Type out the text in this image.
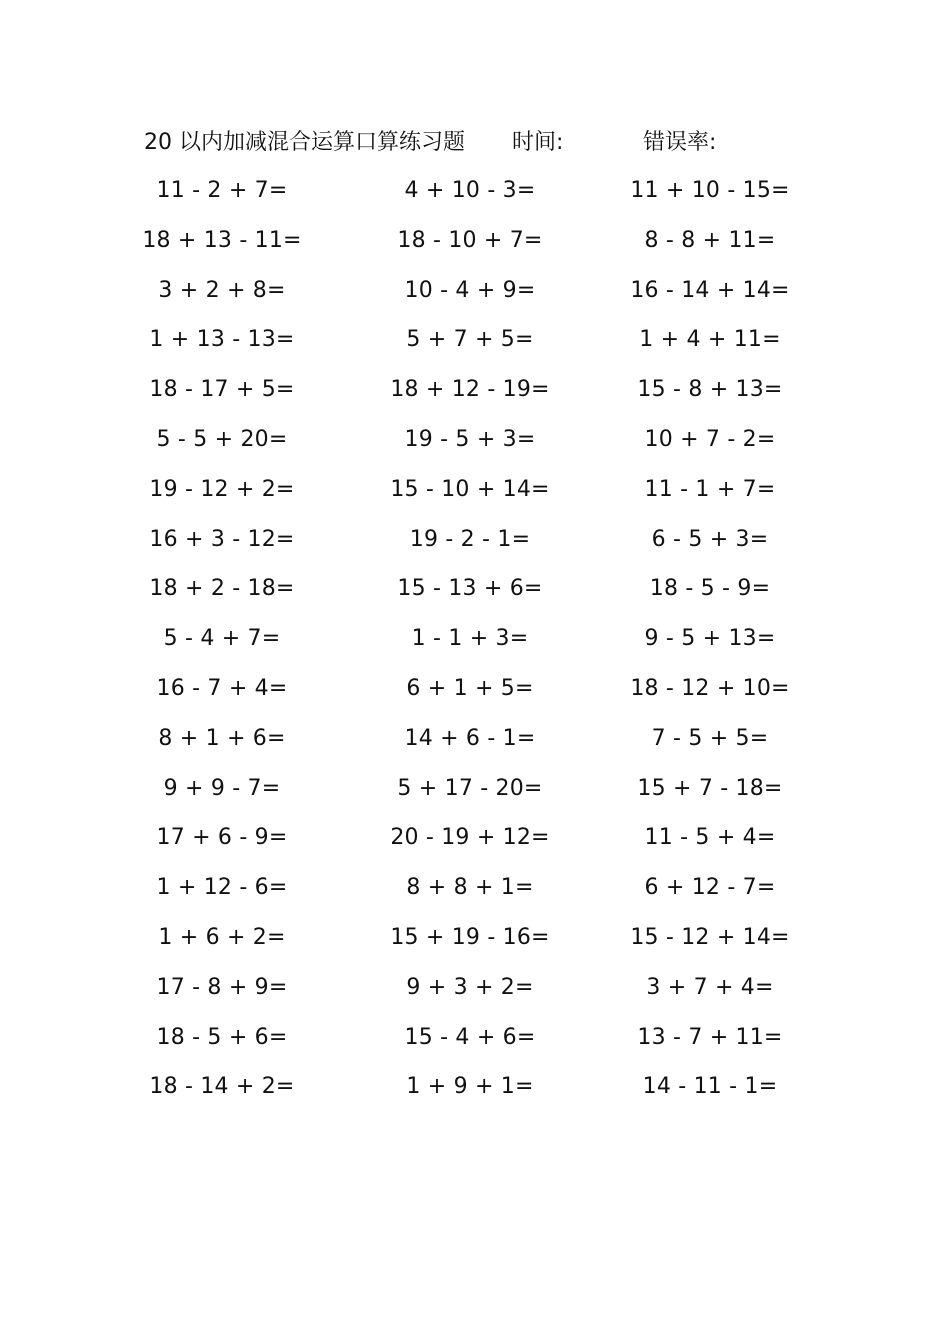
20 以内加减混合运算口算练习题 时间:	错误率:
11 - 2 + 7=	4 + 10 - 3=	11 + 10 - 15=
18 + 13 - 11=	18 - 10 + 7=	8 - 8 + 11=
3 + 2 + 8=	10 - 4 + 9=	16 - 14 + 14=
1 + 13 - 13=	5 + 7 + 5=	1 + 4 + 11=
18 - 17 + 5=	18 + 12 - 19=	15 - 8 + 13=
5 - 5 + 20=	19 - 5 + 3=	10 + 7 - 2=
19 - 12 + 2=	15 - 10 + 14=	11 - 1 + 7=
16 + 3 - 12=	19 - 2 - 1=	6 - 5 + 3=
18 + 2 - 18=	15 - 13 + 6=	18 - 5 - 9=
5 - 4 + 7=	1 - 1 + 3=	9 - 5 + 13=
16 - 7 + 4=	6 + 1 + 5=	18 - 12 + 10=
8 + 1 + 6=	14 + 6 - 1=	7 - 5 + 5=
9 + 9 - 7=	5 + 17 - 20=	15 + 7 - 18=
17 + 6 - 9=	20 - 19 + 12=	11 - 5 + 4=
1 + 12 - 6=	8 + 8 + 1=	6 + 12 - 7=
1 + 6 + 2=	15 + 19 - 16=	15 - 12 + 14=
17 - 8 + 9=	9 + 3 + 2=	3 + 7 + 4=
18 - 5 + 6=	15 - 4 + 6=	13 - 7 + 11=
18 - 14 + 2=	1 + 9 + 1=	14 - 11 - 1=
